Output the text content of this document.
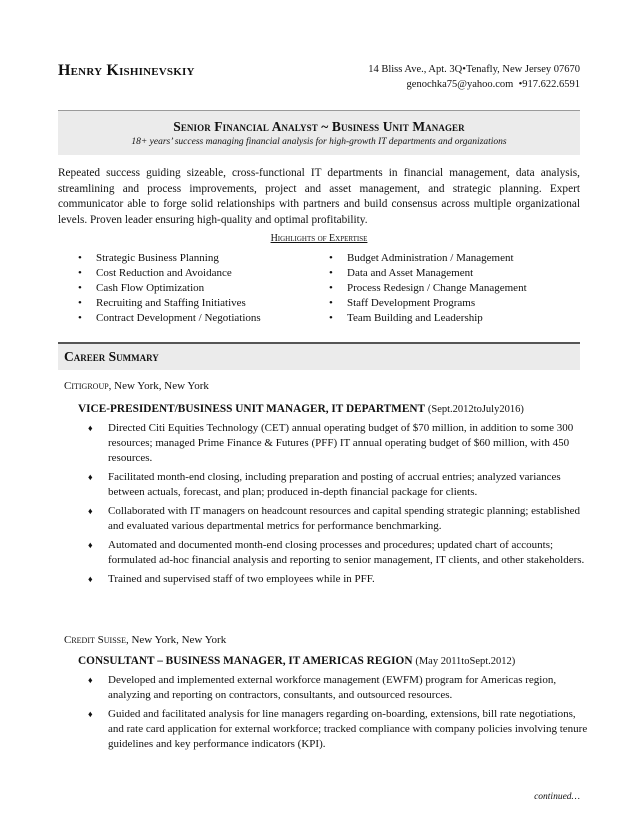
Henry Kishinevskiy	14 Bliss Ave., Apt. 3Q•Tenafly, New Jersey 07670
genochka75@yahoo.com  •917.622.6591
Senior Financial Analyst ~ Business Unit Manager
18+ years’ success managing financial analysis for high-growth IT departments and organizations
Repeated success guiding sizeable, cross-functional IT departments in financial management, data analysis, streamlining and process improvements, project and asset management, and strategic planning. Expert communicator able to forge solid relationships with partners and build consensus across multiple organizational levels. Proven leader ensuring high-quality and optimal profitability.
Highlights of Expertise
• Strategic Business Planning
• Cost Reduction and Avoidance
• Cash Flow Optimization
• Recruiting and Staffing Initiatives
• Contract Development / Negotiations
• Budget Administration / Management
• Data and Asset Management
• Process Redesign / Change Management
• Staff Development Programs
• Team Building and Leadership
Career Summary
Citigroup, New York, New York
VICE-PRESIDENT/BUSINESS UNIT MANAGER, IT DEPARTMENT (Sept.2012toJuly2016)
♦ Directed Citi Equities Technology (CET) annual operating budget of $70 million, in addition to some 300 resources; managed Prime Finance & Futures (PFF) IT annual operating budget of $60 million, with 450 resources.
♦ Facilitated month-end closing, including preparation and posting of accrual entries; analyzed variances between actuals, forecast, and plan; produced in-depth financial package for clients.
♦ Collaborated with IT managers on headcount resources and capital spending strategic planning; established and evaluated various departmental metrics for performance benchmarking.
♦ Automated and documented month-end closing processes and procedures; updated chart of accounts; formulated ad-hoc financial analysis and reporting to senior management, IT clients, and other stakeholders.
♦ Trained and supervised staff of two employees while in PFF.
Credit Suisse, New York, New York
CONSULTANT – BUSINESS MANAGER, IT AMERICAS REGION (May 2011toSept.2012)
♦ Developed and implemented external workforce management (EWFM) program for Americas region, analyzing and reporting on contractors, consultants, and outsourced resources.
♦ Guided and facilitated analysis for line managers regarding on-boarding, extensions, bill rate negotiations, and rate card application for external workforce; tracked compliance with company policies involving tenure guidelines and key performance indicators (KPI).
continued…
